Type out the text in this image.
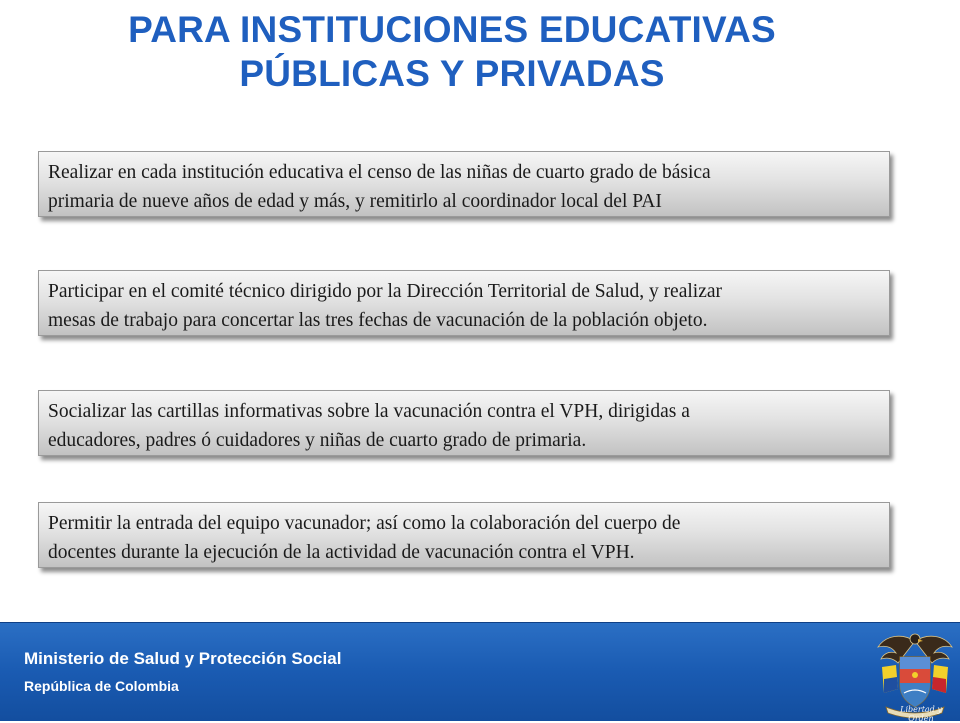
PARA INSTITUCIONES EDUCATIVAS
PÚBLICAS Y PRIVADAS
Realizar en cada institución educativa el censo de las niñas de cuarto grado de básica
primaria de nueve años de edad y más, y remitirlo al coordinador local del PAI
Participar en el comité técnico dirigido por la Dirección Territorial de Salud, y realizar
mesas de trabajo para concertar las tres fechas de vacunación de la población objeto.
Socializar las cartillas informativas sobre la vacunación contra el VPH, dirigidas a
educadores, padres ó cuidadores y niñas de cuarto grado de primaria.
Permitir la entrada del equipo vacunador; así como la colaboración del cuerpo de
docentes durante la ejecución de la actividad de vacunación contra el VPH.
Ministerio de Salud y Protección Social
República de Colombia
Libertad y Orden
